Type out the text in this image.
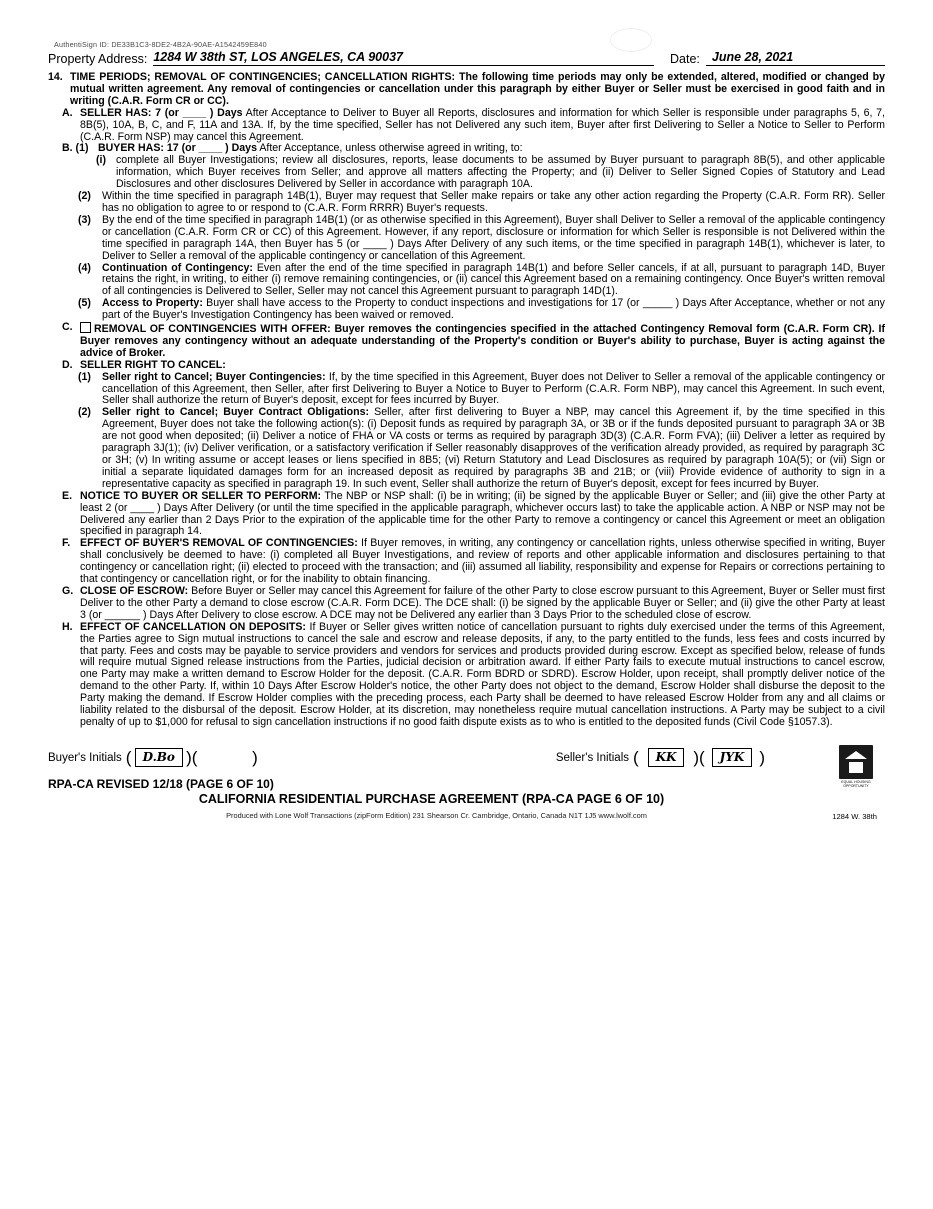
AuthentiSign ID: DE33B1C3-8DE2-4B2A-90AE-A1542459E840
Property Address: 1284 W 38th ST, LOS ANGELES, CA 90037	Date: June 28, 2021
14. TIME PERIODS; REMOVAL OF CONTINGENCIES; CANCELLATION RIGHTS: The following time periods may only be extended, altered, modified or changed by mutual written agreement. Any removal of contingencies or cancellation under this paragraph by either Buyer or Seller must be exercised in good faith and in writing (C.A.R. Form CR or CC).
A. SELLER HAS: 7 (or ____ ) Days After Acceptance to Deliver to Buyer all Reports, disclosures and information for which Seller is responsible under paragraphs 5, 6, 7, 8B(5), 10A, B, C, and F, 11A and 13A. If, by the time specified, Seller has not Delivered any such item, Buyer after first Delivering to Seller a Notice to Seller to Perform (C.A.R. Form NSP) may cancel this Agreement.
B. (1) BUYER HAS: 17 (or ____ ) Days After Acceptance, unless otherwise agreed in writing, to:
(i) complete all Buyer Investigations; review all disclosures, reports, lease documents to be assumed by Buyer pursuant to paragraph 8B(5), and other applicable information, which Buyer receives from Seller; and approve all matters affecting the Property; and (ii) Deliver to Seller Signed Copies of Statutory and Lead Disclosures and other disclosures Delivered by Seller in accordance with paragraph 10A.
(2)	Within the time specified in paragraph 14B(1), Buyer may request that Seller make repairs or take any other action regarding the Property (C.A.R. Form RR). Seller has no obligation to agree to or respond to (C.A.R. Form RRRR) Buyer's requests.
(3)	By the end of the time specified in paragraph 14B(1) (or as otherwise specified in this Agreement), Buyer shall Deliver to Seller a removal of the applicable contingency or cancellation (C.A.R. Form CR or CC) of this Agreement. However, if any report, disclosure or information for which Seller is responsible is not Delivered within the time specified in paragraph 14A, then Buyer has 5 (or ____ ) Days After Delivery of any such items, or the time specified in paragraph 14B(1), whichever is later, to Deliver to Seller a removal of the applicable contingency or cancellation of this Agreement.
(4)	Continuation of Contingency: Even after the end of the time specified in paragraph 14B(1) and before Seller cancels, if at all, pursuant to paragraph 14D, Buyer retains the right, in writing, to either (i) remove remaining contingencies, or (ii) cancel this Agreement based on a remaining contingency. Once Buyer's written removal of all contingencies is Delivered to Seller, Seller may not cancel this Agreement pursuant to paragraph 14D(1).
(5)	Access to Property: Buyer shall have access to the Property to conduct inspections and investigations for 17 (or _____ ) Days After Acceptance, whether or not any part of the Buyer's Investigation Contingency has been waived or removed.
C.	REMOVAL OF CONTINGENCIES WITH OFFER: Buyer removes the contingencies specified in the attached Contingency Removal form (C.A.R. Form CR). If Buyer removes any contingency without an adequate understanding of the Property's condition or Buyer's ability to purchase, Buyer is acting against the advice of Broker.
D. SELLER RIGHT TO CANCEL:
(1)	Seller right to Cancel; Buyer Contingencies: If, by the time specified in this Agreement, Buyer does not Deliver to Seller a removal of the applicable contingency or cancellation of this Agreement, then Seller, after first Delivering to Buyer a Notice to Buyer to Perform (C.A.R. Form NBP), may cancel this Agreement. In such event, Seller shall authorize the return of Buyer's deposit, except for fees incurred by Buyer.
(2)	Seller right to Cancel; Buyer Contract Obligations: Seller, after first delivering to Buyer a NBP, may cancel this Agreement if, by the time specified in this Agreement, Buyer does not take the following action(s): (i) Deposit funds as required by paragraph 3A, or 3B or if the funds deposited pursuant to paragraph 3A or 3B are not good when deposited; (ii) Deliver a notice of FHA or VA costs or terms as required by paragraph 3D(3) (C.A.R. Form FVA); (iii) Deliver a letter as required by paragraph 3J(1); (iv) Deliver verification, or a satisfactory verification if Seller reasonably disapproves of the verification already provided, as required by paragraph 3C or 3H; (v) In writing assume or accept leases or liens specified in 8B5; (vi) Return Statutory and Lead Disclosures as required by paragraph 10A(5); or (vii) Sign or initial a separate liquidated damages form for an increased deposit as required by paragraphs 3B and 21B; or (viii) Provide evidence of authority to sign in a representative capacity as specified in paragraph 19. In such event, Seller shall authorize the return of Buyer's deposit, except for fees incurred by Buyer.
E. NOTICE TO BUYER OR SELLER TO PERFORM: The NBP or NSP shall: (i) be in writing; (ii) be signed by the applicable Buyer or Seller; and (iii) give the other Party at least 2 (or ____ ) Days After Delivery (or until the time specified in the applicable paragraph, whichever occurs last) to take the applicable action. A NBP or NSP may not be Delivered any earlier than 2 Days Prior to the expiration of the applicable time for the other Party to remove a contingency or cancel this Agreement or meet an obligation specified in paragraph 14.
F. EFFECT OF BUYER'S REMOVAL OF CONTINGENCIES: If Buyer removes, in writing, any contingency or cancellation rights, unless otherwise specified in writing, Buyer shall conclusively be deemed to have: (i) completed all Buyer Investigations, and review of reports and other applicable information and disclosures pertaining to that contingency or cancellation right; (ii) elected to proceed with the transaction; and (iii) assumed all liability, responsibility and expense for Repairs or corrections pertaining to that contingency or cancellation right, or for the inability to obtain financing.
G. CLOSE OF ESCROW: Before Buyer or Seller may cancel this Agreement for failure of the other Party to close escrow pursuant to this Agreement, Buyer or Seller must first Deliver to the other Party a demand to close escrow (C.A.R. Form DCE). The DCE shall: (i) be signed by the applicable Buyer or Seller; and (ii) give the other Party at least 3 (or ______ ) Days After Delivery to close escrow. A DCE may not be Delivered any earlier than 3 Days Prior to the scheduled close of escrow.
H. EFFECT OF CANCELLATION ON DEPOSITS: If Buyer or Seller gives written notice of cancellation pursuant to rights duly exercised under the terms of this Agreement, the Parties agree to Sign mutual instructions to cancel the sale and escrow and release deposits, if any, to the party entitled to the funds, less fees and costs incurred by that party. Fees and costs may be payable to service providers and vendors for services and products provided during escrow. Except as specified below, release of funds will require mutual Signed release instructions from the Parties, judicial decision or arbitration award. If either Party fails to execute mutual instructions to cancel escrow, one Party may make a written demand to Escrow Holder for the deposit. (C.A.R. Form BDRD or SDRD). Escrow Holder, upon receipt, shall promptly deliver notice of the demand to the other Party. If, within 10 Days After Escrow Holder's notice, the other Party does not object to the demand, Escrow Holder shall disburse the deposit to the Party making the demand. If Escrow Holder complies with the preceding process, each Party shall be deemed to have released Escrow Holder from any and all claims or liability related to the disbursal of the deposit. Escrow Holder, at its discretion, may nonetheless require mutual cancellation instructions. A Party may be subject to a civil penalty of up to $1,000 for refusal to sign cancellation instructions if no good faith dispute exists as to who is entitled to the deposited funds (Civil Code §1057.3).
Buyer's Initials	( D.Bo
) ()	Seller's Initials	( KK
)	( JYK
)
EQUAL HOUSING OPPORTUNITY
RPA-CA REVISED 12/18 (PAGE 6 OF 10)
CALIFORNIA RESIDENTIAL PURCHASE AGREEMENT (RPA-CA PAGE 6 OF 10)
Produced with Lone Wolf Transactions (zipForm Edition) 231 Shearson Cr. Cambridge, Ontario, Canada N1T 1J5 www.lwolf.com	1284 W. 38th
